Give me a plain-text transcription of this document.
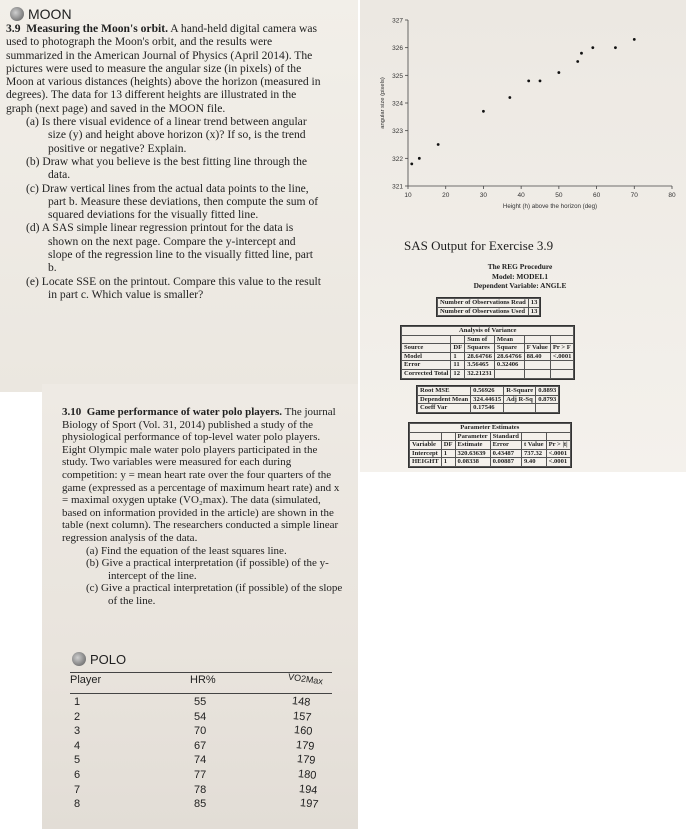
MOON

3.9 Measuring the Moon's orbit. A hand-held digital camera was used to photograph the Moon's orbit, and the results were summarized in the American Journal of Physics (April 2014). The pictures were used to measure the angular size (in pixels) of the Moon at various distances (heights) above the horizon (measured in degrees). The data for 13 different heights are illustrated in the graph (next page) and saved in the MOON file.

(a) Is there visual evidence of a linear trend between angular size (y) and height above horizon (x)? If so, is the trend positive or negative? Explain.

(b) Draw what you believe is the best fitting line through the data.

(c) Draw vertical lines from the actual data points to the line, part b. Measure these deviations, then compute the sum of squared deviations for the visually fitted line.

(d) A SAS simple linear regression printout for the data is shown on the next page. Compare the y-intercept and slope of the regression line to the visually fitted line, part b.

(e) Locate SSE on the printout. Compare this value to the result in part c. Which value is smaller?

321
322
323
324
325
326
327
10	20	30	40	50	60	70	80
Height (h) above the horizon (deg)
angular size (pixels)
SAS Output for Exercise 3.9
The REG Procedure
Model: MODEL1
Dependent Variable: ANGLE
Number of Observations Read	13
Number of Observations Used	13
Analysis of Variance					
		Sum of	Mean		
Source	DF	Squares	Square	F Value	Pr > F
Model	1	28.64766	28.64766	88.40	<.0001
Error	11	3.56465	0.32406		
Corrected Total	12	32.21231			
Root MSE	0.56926	R-Square	0.8893
Dependent Mean	324.44615	Adj R-Sq	0.8793
Coeff Var	0.17546		
Parameter Estimates					
		Parameter	Standard		
Variable	DF	Estimate	Error	t Value	Pr > |t|
Intercept	1	320.63639	0.43487	737.32	<.0001
HEIGHT	1	0.08338	0.00887	9.40	<.0001

3.10 Game performance of water polo players. The journal Biology of Sport (Vol. 31, 2014) published a study of the physiological performance of top-level water polo players. Eight Olympic male water polo players participated in the study. Two variables were measured for each during competition: y = mean heart rate over the four quarters of the game (expressed as a percentage of maximum heart rate) and x = maximal oxygen uptake (VO₂max). The data (simulated, based on information provided in the article) are shown in the table (next column). The researchers conducted a simple linear regression analysis of the data.

(a) Find the equation of the least squares line.

(b) Give a practical interpretation (if possible) of the y-intercept of the line.

(c) Give a practical interpretation (if possible) of the slope of the line.

POLO
Player	HR%	VO2Max
1	55	148
2	54	157
3	70	160
4	67	179
5	74	179
6	77	180
7	78	194
8	85	197
